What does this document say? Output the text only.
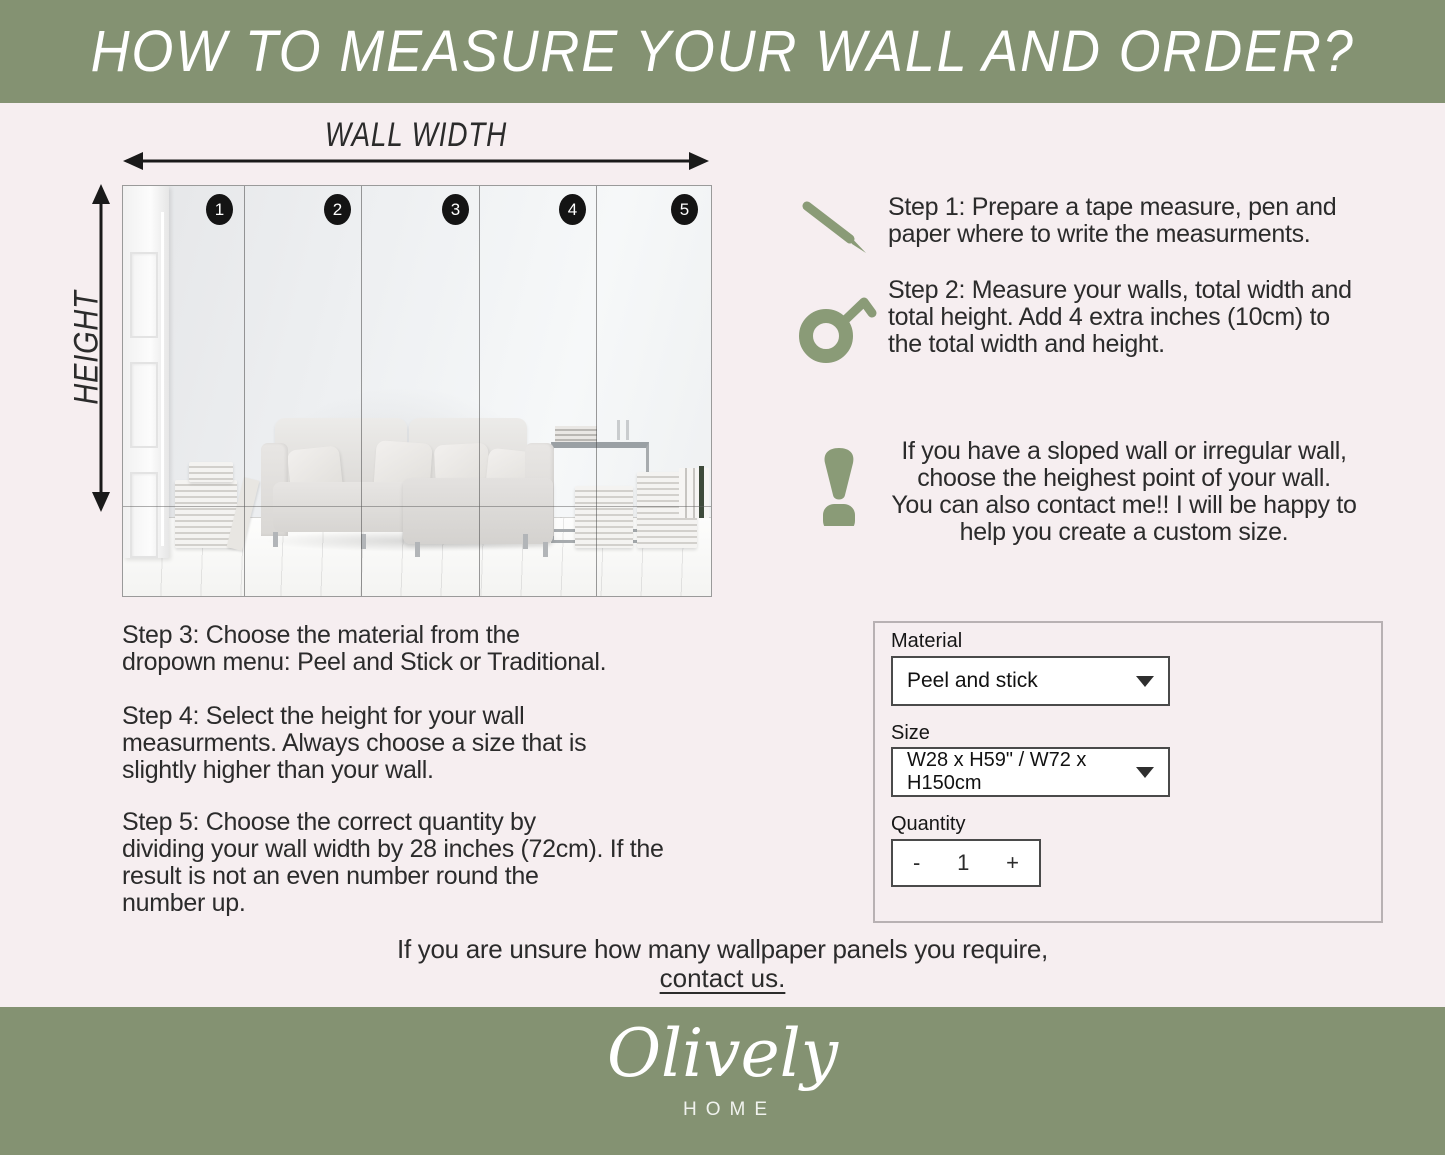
HOW TO MEASURE YOUR WALL AND ORDER?
WALL WIDTH
HEIGHT
1	2	3	4	5	Step 1: Prepare a tape measure, pen and
paper where to write the measurments.
Step 2: Measure your walls, total width and
total height. Add 4 extra inches (10cm) to
the total width and height.
If you have a sloped wall or irregular wall,
choose the heighest point of your wall.
You can also contact me!! I will be happy to
help you create a custom size.
Step 3: Choose the material from the
dropown menu: Peel and Stick or Traditional.
Step 4: Select the height for your wall
measurments. Always choose a size that is
slightly higher than your wall.
Step 5: Choose the correct quantity by
dividing your wall width by 28 inches (72cm). If the
result is not an even number round the
number up.
Material
Peel and stick
Size
W28 x H59" / W72 x H150cm
Quantity
- 1 +
If you are unsure how many wallpaper panels you require,
contact us.
Olively
HOME
